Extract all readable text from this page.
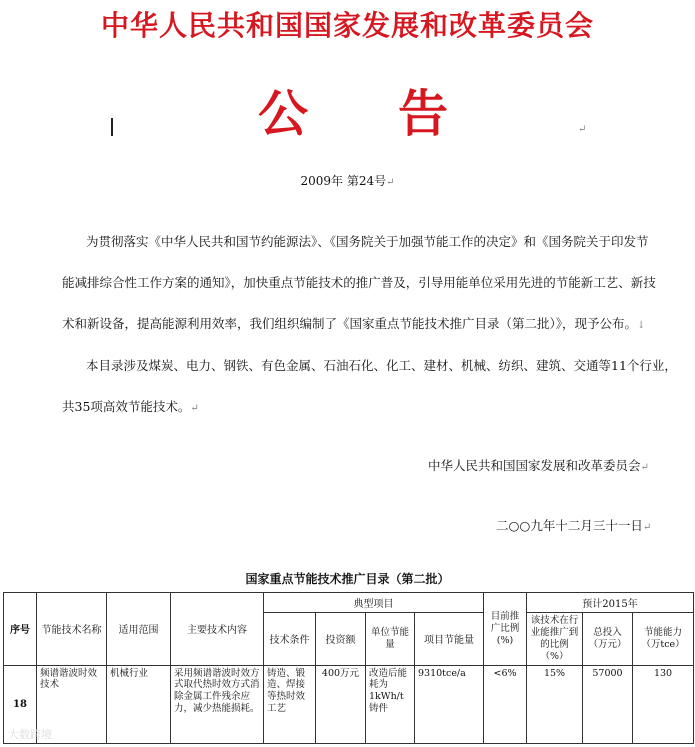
中华人民共和国国家发展和改革委员会
公告	↵
2009年 第24号↵
为贯彻落实《中华人民共和国节约能源法》、《国务院关于加强节能工作的决定》和《国务院关于印发节
能减排综合性工作方案的通知》，加快重点节能技术的推广普及，引导用能单位采用先进的节能新工艺、新技
术和新设备，提高能源利用效率，我们组织编制了《国家重点节能技术推广目录（第二批）》，现予公布。↓
本目录涉及煤炭、电力、钢铁、有色金属、石油石化、化工、建材、机械、纺织、建筑、交通等11个行业，
共35项高效节能技术。↵
中华人民共和国国家发展和改革委员会↵
二○○九年十二月三十一日↵
国家重点节能技术推广目录（第二批）
序号	节能技术名称	适用范围	主要技术内容	典型项目				目前推广比例(%)	预计2015年		
				技术条件	投资额	单位节能量	项目节能量		该技术在行业能推广到的比例（%）	总投入（万元）	节能能力（万tce）
18	频谱谐波时效技术	机械行业	采用频谱谐波时效方式取代热时效方式消除金属工件残余应力，减少热能损耗。	铸造、锻造、焊接等热时效工艺	400万元	改造后能耗为1kWh/t铸件	9310tce/a	<6%	15%	57000	130
大数跨境
